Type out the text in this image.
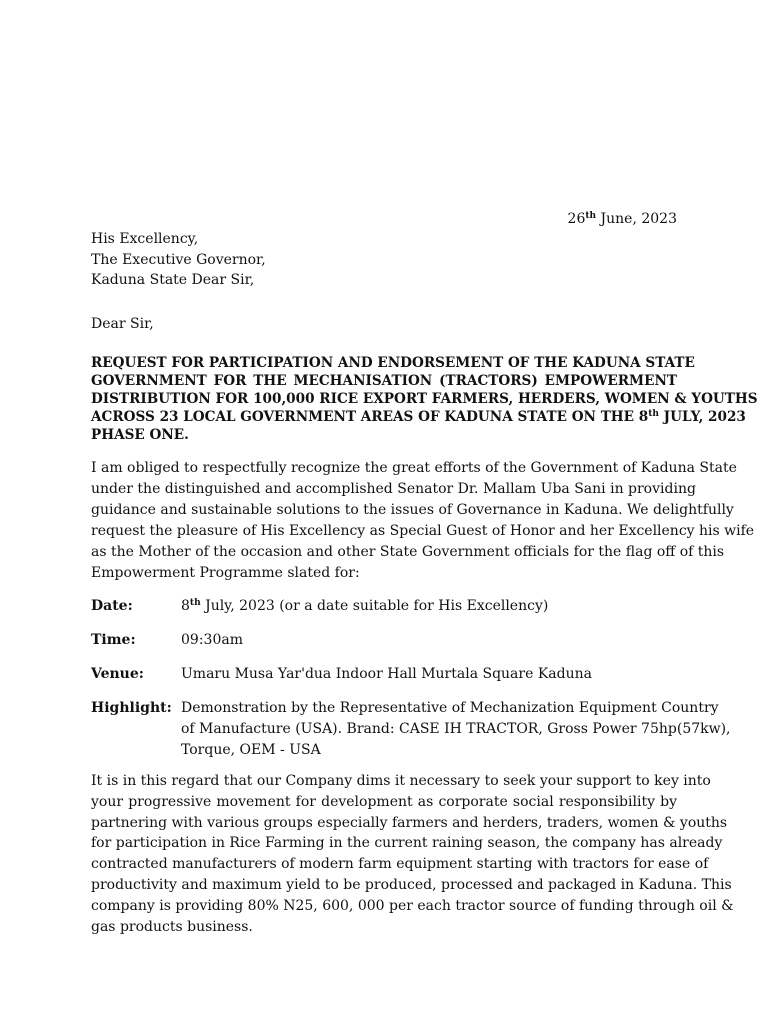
26th June, 2023
His Excellency,
The Executive Governor,
Kaduna State Dear Sir,
Dear Sir,
REQUEST FOR PARTICIPATION AND ENDORSEMENT OF THE KADUNA STATE
GOVERNMENT FOR THE MECHANISATION (TRACTORS) EMPOWERMENT
DISTRIBUTION FOR 100,000 RICE EXPORT FARMERS, HERDERS, WOMEN & YOUTHS
ACROSS 23 LOCAL GOVERNMENT AREAS OF KADUNA STATE ON THE 8th JULY, 2023
PHASE ONE.
I am obliged to respectfully recognize the great efforts of the Government of Kaduna State
under the distinguished and accomplished Senator Dr. Mallam Uba Sani in providing
guidance and sustainable solutions to the issues of Governance in Kaduna. We delightfully
request the pleasure of His Excellency as Special Guest of Honor and her Excellency his wife
as the Mother of the occasion and other State Government officials for the flag off of this
Empowerment Programme slated for:
Date:	8th July, 2023 (or a date suitable for His Excellency)
Time:	09:30am
Venue:	Umaru Musa Yar'dua Indoor Hall Murtala Square Kaduna
Highlight: Demonstration by the Representative of Mechanization Equipment Country
of Manufacture (USA). Brand: CASE IH TRACTOR, Gross Power 75hp(57kw),
Torque, OEM - USA
It is in this regard that our Company dims it necessary to seek your support to key into
your progressive movement for development as corporate social responsibility by
partnering with various groups especially farmers and herders, traders, women & youths
for participation in Rice Farming in the current raining season, the company has already
contracted manufacturers of modern farm equipment starting with tractors for ease of
productivity and maximum yield to be produced, processed and packaged in Kaduna. This
company is providing 80% N25, 600, 000 per each tractor source of funding through oil &
gas products business.
